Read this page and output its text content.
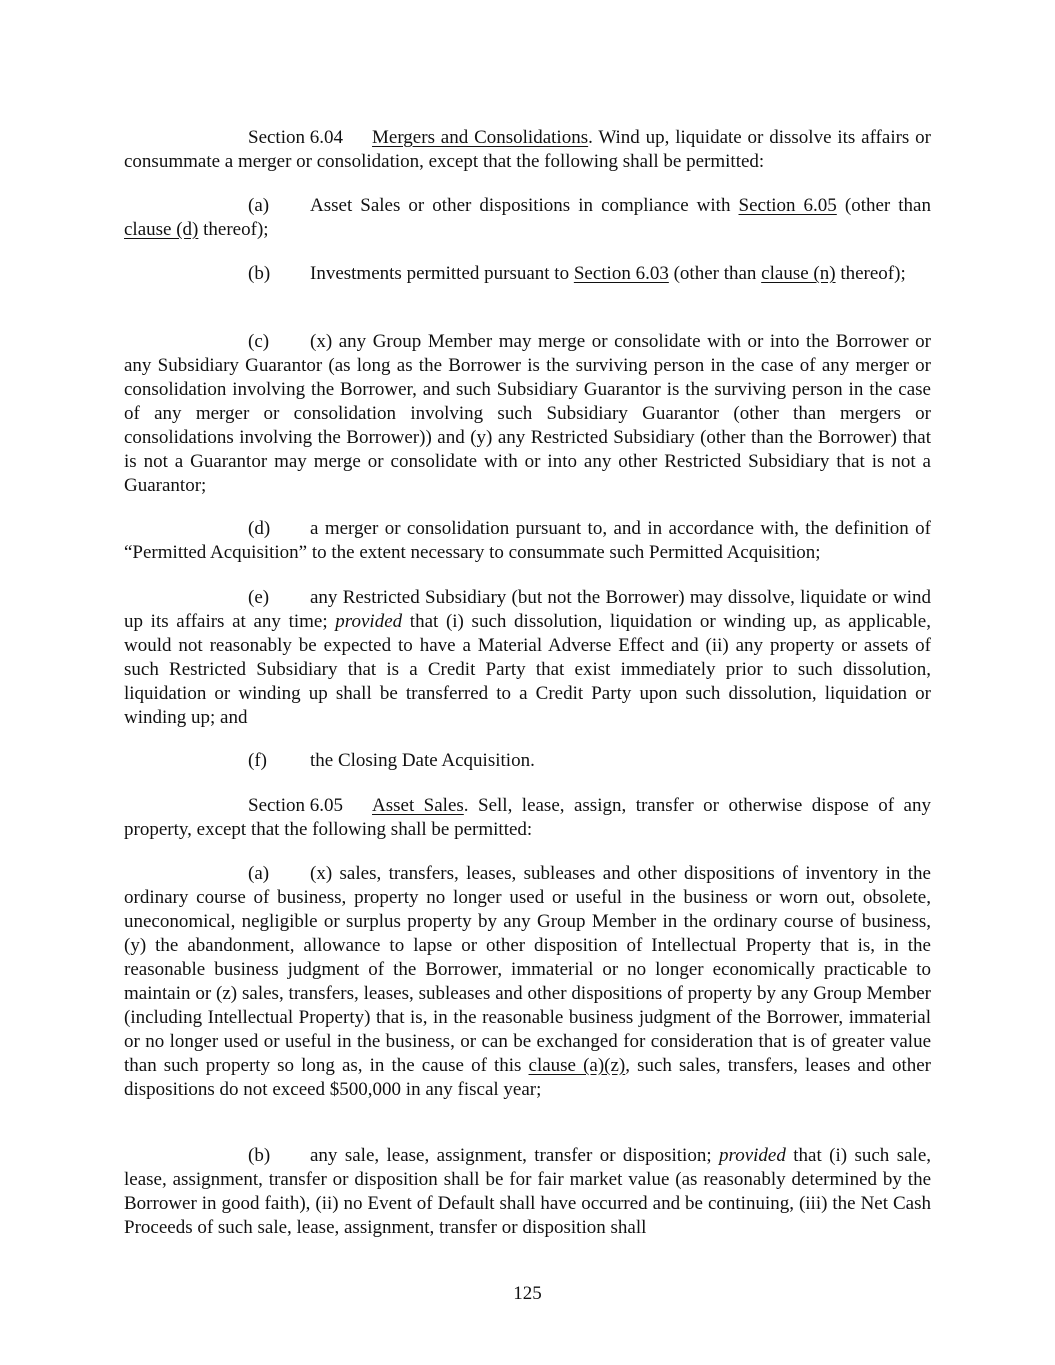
Section 6.04 Mergers and Consolidations. Wind up, liquidate or dissolve its affairs or consummate a merger or consolidation, except that the following shall be permitted:

(a) Asset Sales or other dispositions in compliance with Section 6.05 (other than clause (d) thereof);

(b) Investments permitted pursuant to Section 6.03 (other than clause (n) thereof);

(c) (x) any Group Member may merge or consolidate with or into the Borrower or any Subsidiary Guarantor (as long as the Borrower is the surviving person in the case of any merger or consolidation involving the Borrower, and such Subsidiary Guarantor is the surviving person in the case of any merger or consolidation involving such Subsidiary Guarantor (other than mergers or consolidations involving the Borrower)) and (y) any Restricted Subsidiary (other than the Borrower) that is not a Guarantor may merge or consolidate with or into any other Restricted Subsidiary that is not a Guarantor;

(d) a merger or consolidation pursuant to, and in accordance with, the definition of “Permitted Acquisition” to the extent necessary to consummate such Permitted Acquisition;

(e) any Restricted Subsidiary (but not the Borrower) may dissolve, liquidate or wind up its affairs at any time; provided that (i) such dissolution, liquidation or winding up, as applicable, would not reasonably be expected to have a Material Adverse Effect and (ii) any property or assets of such Restricted Subsidiary that is a Credit Party that exist immediately prior to such dissolution, liquidation or winding up shall be transferred to a Credit Party upon such dissolution, liquidation or winding up; and

(f) the Closing Date Acquisition.

Section 6.05 Asset Sales. Sell, lease, assign, transfer or otherwise dispose of any property, except that the following shall be permitted:

(a) (x) sales, transfers, leases, subleases and other dispositions of inventory in the ordinary course of business, property no longer used or useful in the business or worn out, obsolete, uneconomical, negligible or surplus property by any Group Member in the ordinary course of business, (y) the abandonment, allowance to lapse or other disposition of Intellectual Property that is, in the reasonable business judgment of the Borrower, immaterial or no longer economically practicable to maintain or (z) sales, transfers, leases, subleases and other dispositions of property by any Group Member (including Intellectual Property) that is, in the reasonable business judgment of the Borrower, immaterial or no longer used or useful in the business, or can be exchanged for consideration that is of greater value than such property so long as, in the cause of this clause (a)(z), such sales, transfers, leases and other dispositions do not exceed $500,000 in any fiscal year;

(b) any sale, lease, assignment, transfer or disposition; provided that (i) such sale, lease, assignment, transfer or disposition shall be for fair market value (as reasonably determined by the Borrower in good faith), (ii) no Event of Default shall have occurred and be continuing, (iii) the Net Cash Proceeds of such sale, lease, assignment, transfer or disposition shall

125
